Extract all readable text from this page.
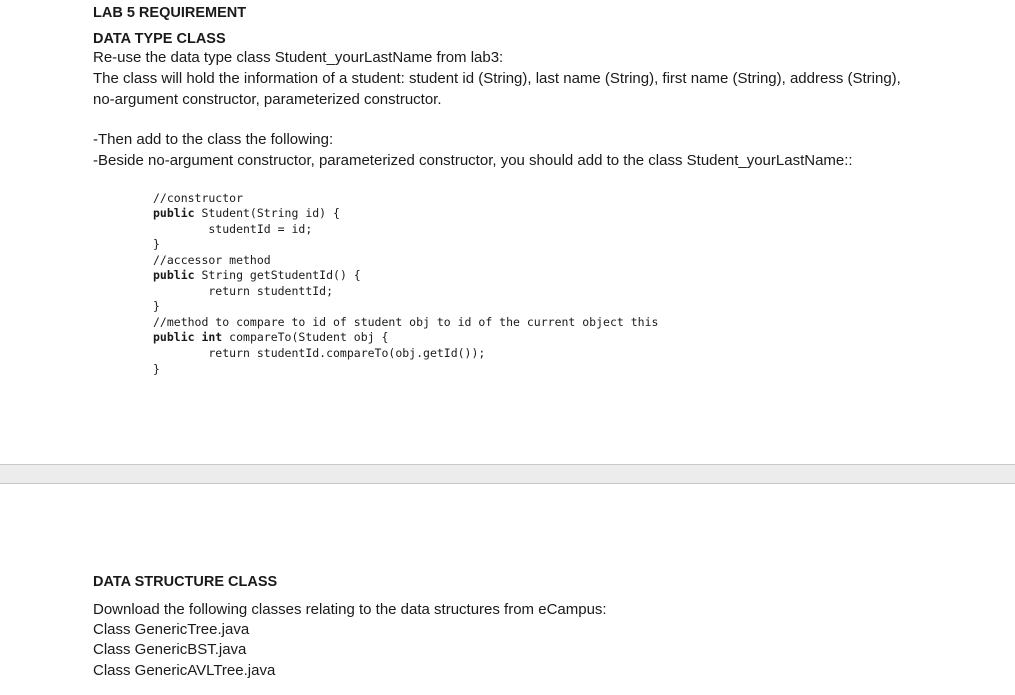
LAB 5 REQUIREMENT
DATA TYPE CLASS
Re-use the data type class Student_yourLastName from lab3:
The class will hold the information of a student: student id (String), last name (String), first name (String), address (String),
no-argument constructor, parameterized constructor.
-Then add to the class the following:
-Beside no-argument constructor, parameterized constructor, you should add to the class Student_yourLastName::
//constructor
public Student(String id) {
studentId = id;
}
//accessor method
public String getStudentId() {
return studenttId;
}
//method to compare to id of student obj to id of the current object this
public int compareTo(Student obj {
return studentId.compareTo(obj.getId());
}
DATA STRUCTURE CLASS
Download the following classes relating to the data structures from eCampus:
Class GenericTree.java
Class GenericBST.java
Class GenericAVLTree.java
